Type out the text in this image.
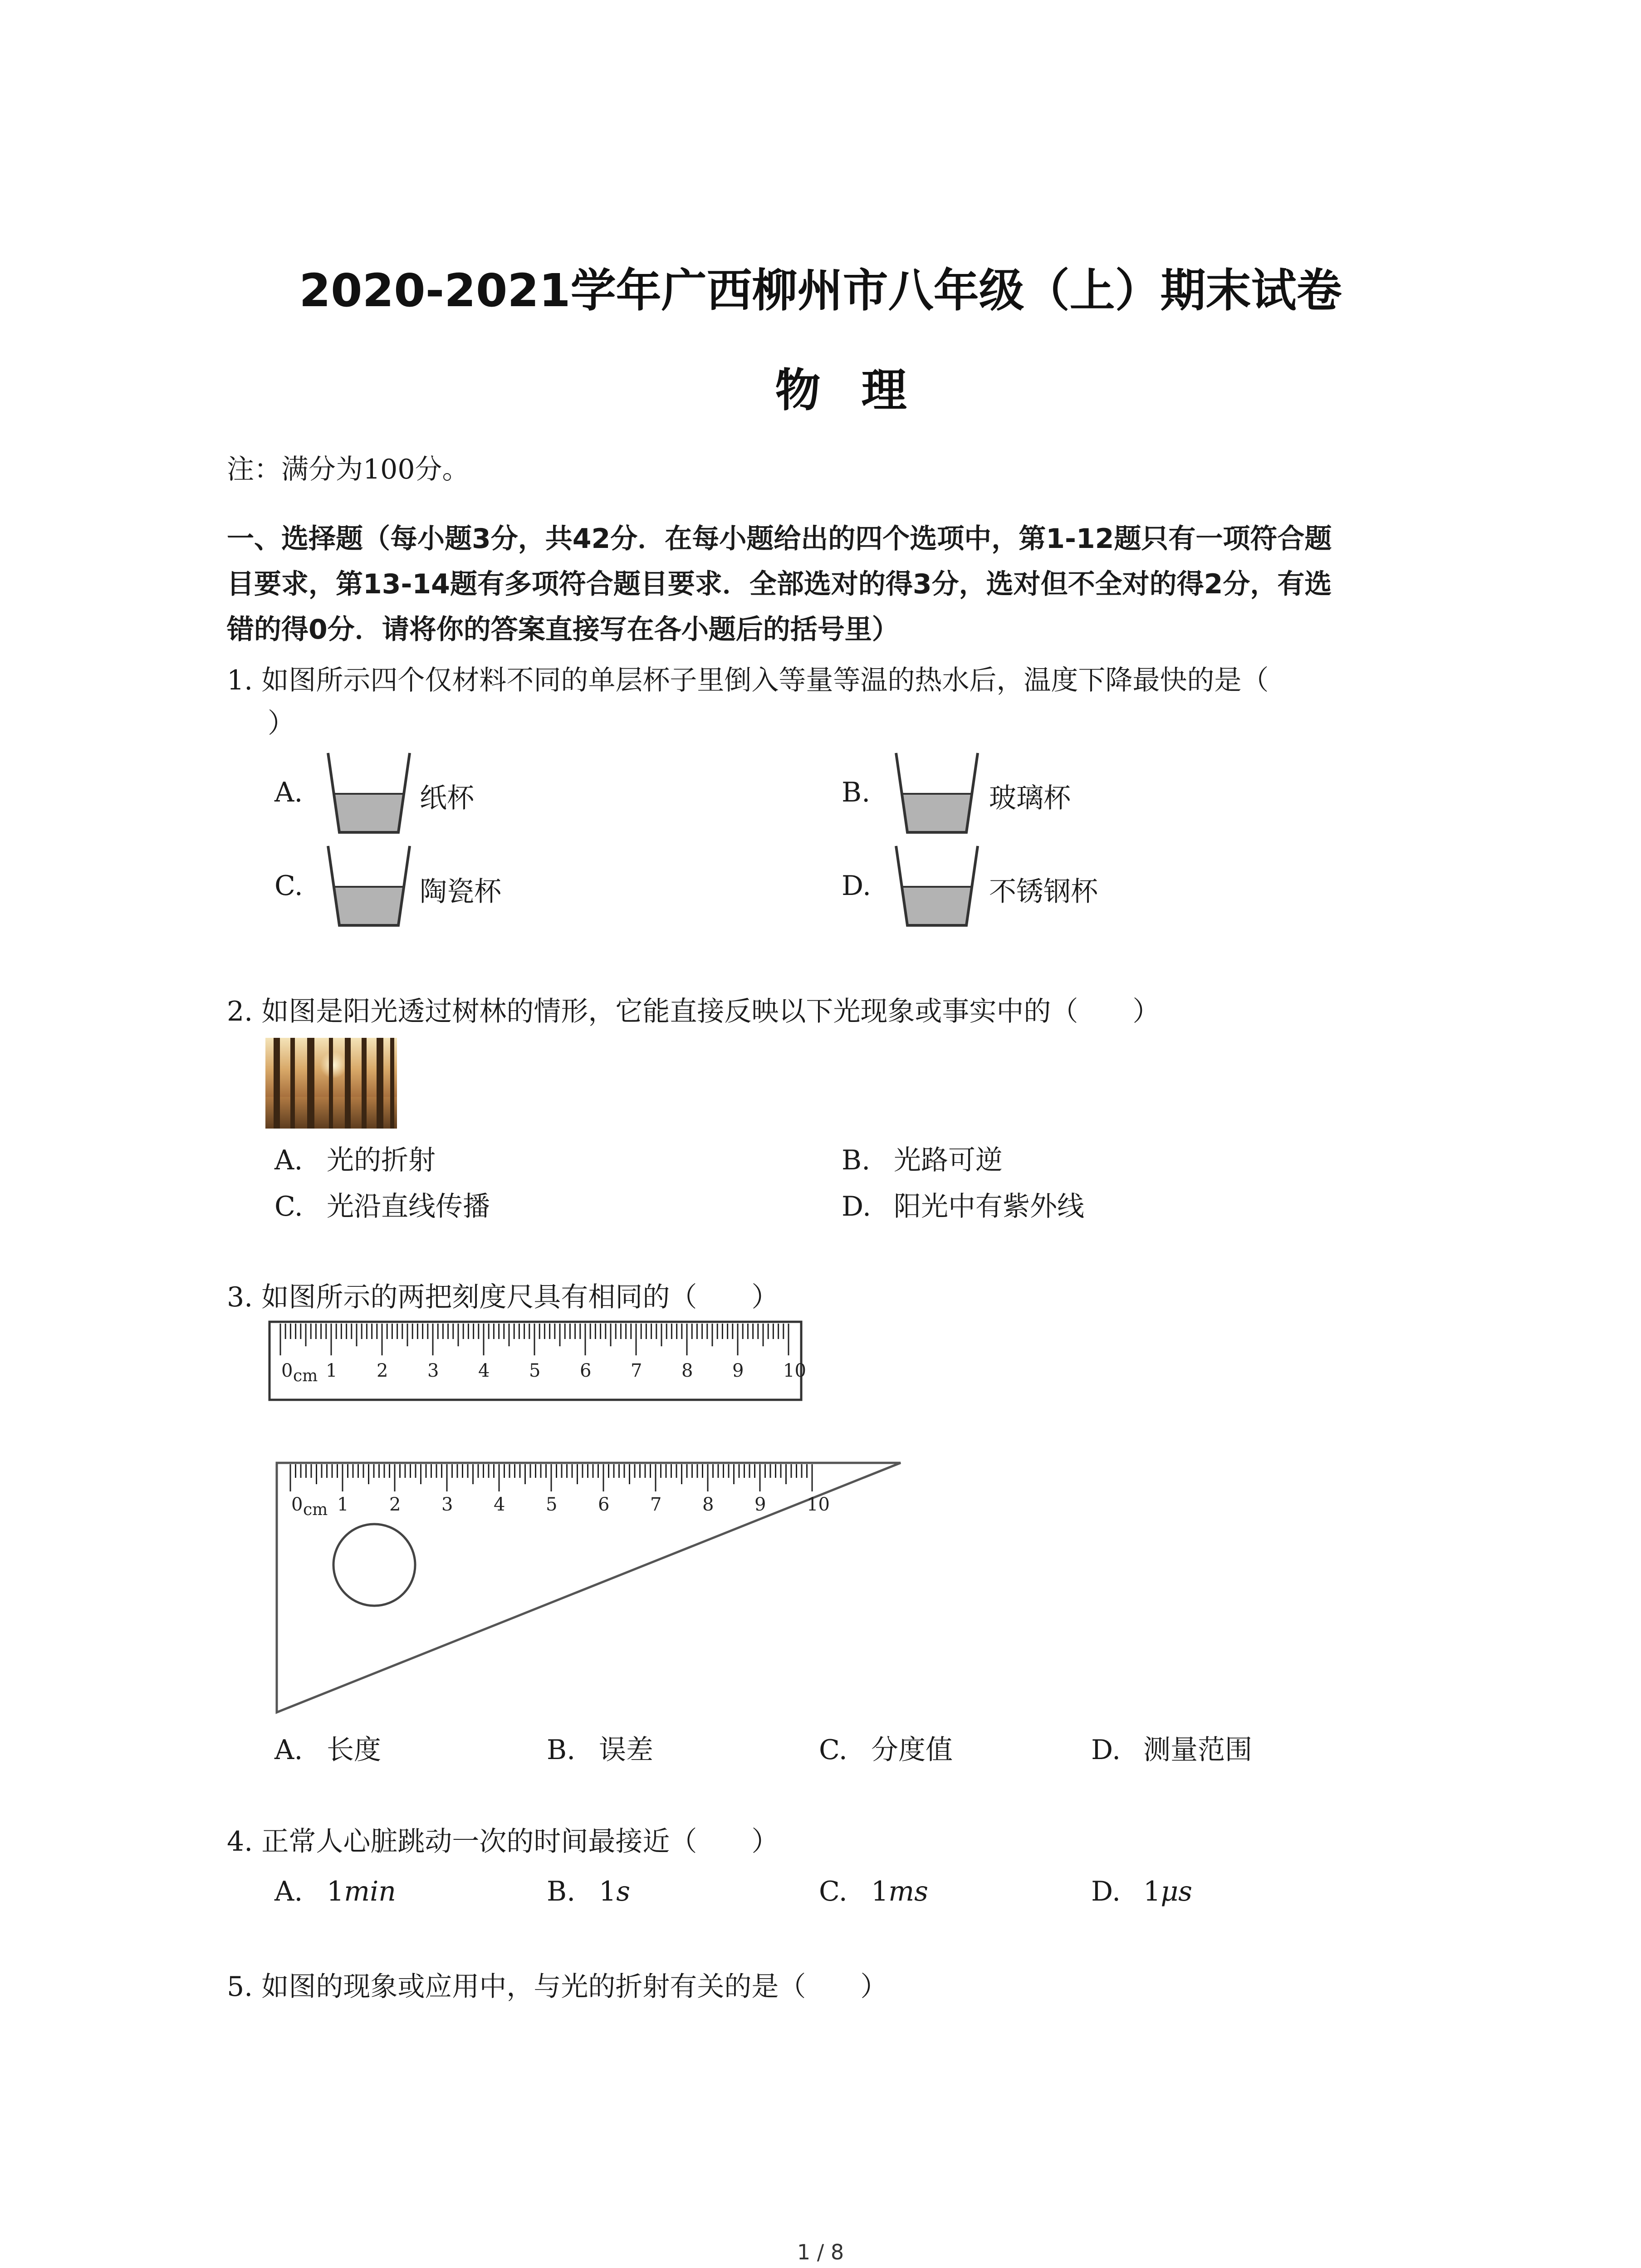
2020-2021学年广西柳州市八年级（上）期末试卷
物理
注：满分为100分。
一、选择题（每小题3分，共42分．在每小题给出的四个选项中，第1-12题只有一项符合题
目要求，第13-14题有多项符合题目要求．全部选对的得3分，选对但不全对的得2分，有选
错的得0分．请将你的答案直接写在各小题后的括号里）
1. 如图所示四个仅材料不同的单层杯子里倒入等量等温的热水后，温度下降最快的是（
）
A.	纸杯	B.	玻璃杯
C.	陶瓷杯	D.	不锈钢杯
2. 如图是阳光透过树林的情形，它能直接反映以下光现象或事实中的（　　）
A. 光的折射	B. 光路可逆
C. 光沿直线传播	D. 阳光中有紫外线
3. 如图所示的两把刻度尺具有相同的（　　）
0 cm 1 2 3 4 5 6 7 8 9 10
0 cm 1 2 3 4 5 6 7 8 9 10
A. 长度	B. 误差	C. 分度值	D. 测量范围
4. 正常人心脏跳动一次的时间最接近（　　）
A. 1min	B. 1s	C. 1ms	D. 1μs
5. 如图的现象或应用中，与光的折射有关的是（　　）
1 / 8
